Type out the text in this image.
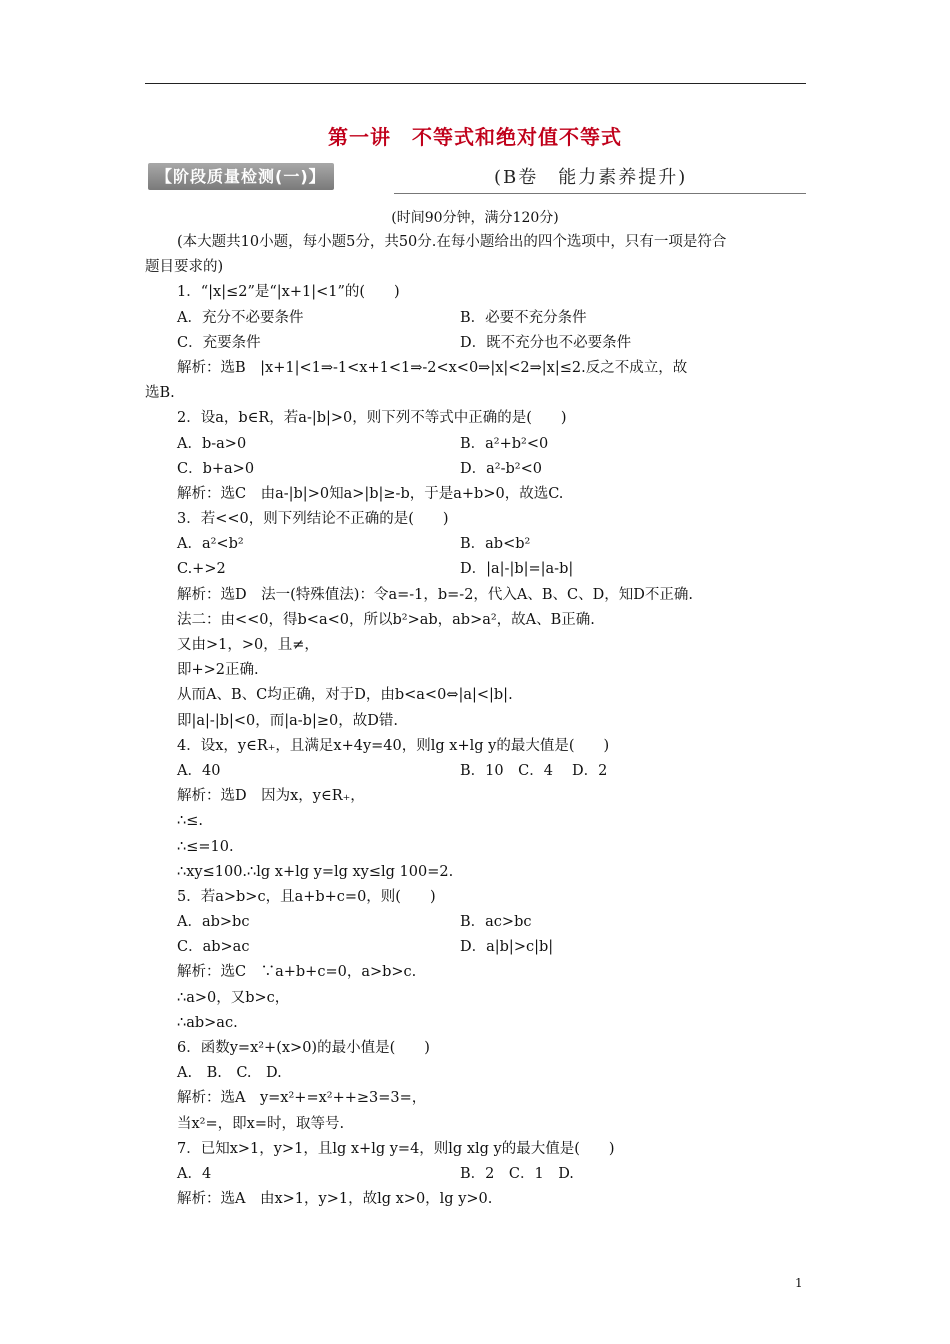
第一讲　不等式和绝对值不等式
【阶段质量检测(一)】	(B卷　能力素养提升)
(时间90分钟，满分120分)
(本大题共10小题，每小题5分，共50分.在每小题给出的四个选项中，只有一项是符合
题目要求的)
1．“|x|≤2”是“|x+1|<1”的(　　)
A．充分不必要条件	B．必要不充分条件
C．充要条件	D．既不充分也不必要条件
解析：选B　|x+1|<1⇒-1<x+1<1⇒-2<x<0⇒|x|<2⇒|x|≤2.反之不成立，故
选B.
2．设a，b∈R，若a-|b|>0，则下列不等式中正确的是(　　)
A．b-a>0	B．a²+b²<0
C．b+a>0	D．a²-b²<0
解析：选C　由a-|b|>0知a>|b|≥-b，于是a+b>0，故选C.
3．若<<0，则下列结论不正确的是(　　)
A．a²<b²	B．ab<b²
C.+>2	D．|a|-|b|=|a-b|
解析：选D　法一(特殊值法)：令a=-1，b=-2，代入A、B、C、D，知D不正确.
法二：由<<0，得b<a<0，所以b²>ab，ab>a²，故A、B正确.
又由>1，>0，且≠，
即+>2正确.
从而A、B、C均正确，对于D，由b<a<0⇔|a|<|b|.
即|a|-|b|<0，而|a-b|≥0，故D错.
4．设x，y∈R₊，且满足x+4y=40，则lg x+lg y的最大值是(　　)
A．40	B．10　C．4　 D．2
解析：选D　因为x，y∈R₊，
∴≤.
∴≤=10.
∴xy≤100.∴lg x+lg y=lg xy≤lg 100=2.
5．若a>b>c，且a+b+c=0，则(　　)
A．ab>bc	B．ac>bc
C．ab>ac	D．a|b|>c|b|
解析：选C　∵a+b+c=0，a>b>c.
∴a>0，又b>c，
∴ab>ac.
6．函数y=x²+(x>0)的最小值是(　　)
A.　B.　C.　D.
解析：选A　y=x²+=x²++≥3=3=，
当x²=，即x=时，取等号.
7．已知x>1，y>1，且lg x+lg y=4，则lg xlg y的最大值是(　　)
A．4	B．2　C．1　D.
解析：选A　由x>1，y>1，故lg x>0，lg y>0.
1
